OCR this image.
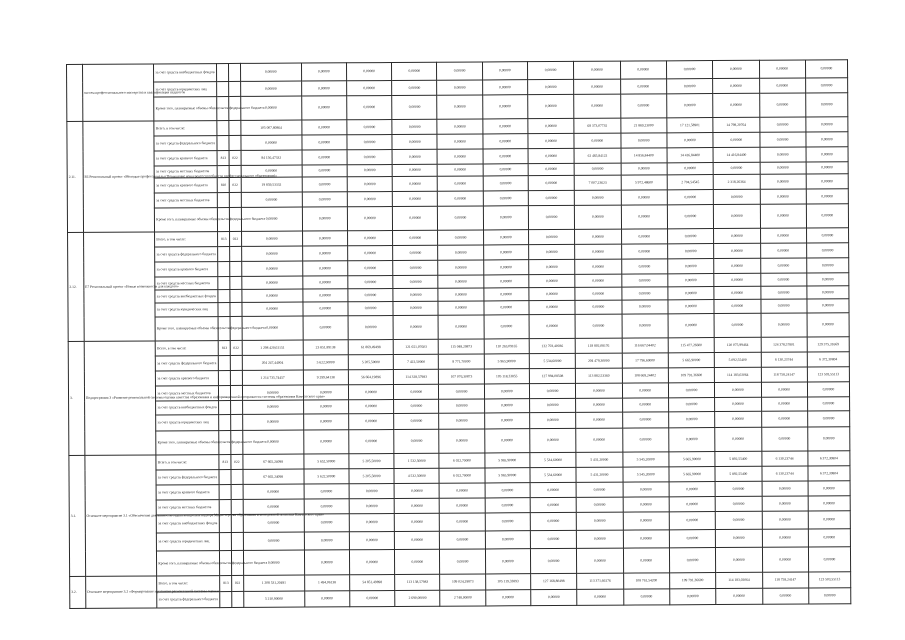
	систем профессионального мастерства и квалификации педагогов	за счет средств внебюджетных фондов			0,00000	0,00000	0,00000	0,00000	0,00000	0,00000	0,00000	0,00000	0,00000	0,00000	0,00000	0,00000	0,00000
		за счет средств юридических лиц			0,00000	0,00000	0,00000	0,00000	0,00000	0,00000	0,00000	0,00000	0,00000	0,00000	0,00000	0,00000	0,00000
		Кроме того, планируемые объемы обязательств федерального бюджета			0,00000	0,00000	0,00000	0,00000	0,00000	0,00000	0,00000	0,00000	0,00000	0,00000	0,00000	0,00000	0,00000
2.11.	Е6 Региональный проект «Молодые профессионалы (Повышение конкурентоспособности профессионального образования)»	Всего, в том числе:			105 007,80864	0,00000	0,00000	0,00000	0,00000	0,00000	0,00000	68 373,07735	21 869,23000	17 121,58901	14 798,20764	0,00000	0,00000
		за счет средств федерального бюджета			0,00000	0,00000	0,00000	0,00000	0,00000	0,00000	0,00000	0,00000	0,00000	0,00000	0,00000	0,00000	0,00000
		за счет средств краевого бюджета	813	022	84 156,47332	0,00000	0,00000	0,00000	0,00000	0,00000	0,00000	61 465,84122	14 856,84400	14 416,84400	14 416,84400	0,00000	0,00000
		за счет средств местных бюджетов			0,00000	0,00000	0,00000	0,00000	0,00000	0,00000	0,00000	0,00000	0,00000	0,00000	0,00000	0,00000	0,00000
		за счет средств краевого бюджета	810	022	19 859,53332	0,00000	0,00000	0,00000	0,00000	0,00000	0,00000	7 007,23623	5 972,48600	2 704,54545	2 318,26364	0,00000	0,00000
		за счет средств местных бюджетов			0,00000	0,00000	0,00000	0,00000	0,00000	0,00000	0,00000	0,00000	0,00000	0,00000	0,00000	0,00000	0,00000
		Кроме того, планируемые объемы обязательств федерального бюджета			0,00000	0,00000	0,00000	0,00000	0,00000	0,00000	0,00000	0,00000	0,00000	0,00000	0,00000	0,00000	0,00000
2.12.	Е7 Региональный проект «Новые возможности для каждого»	Всего, в том числе:	813	022	0,00000	0,00000	0,00000	0,00000	0,00000	0,00000	0,00000	0,00000	0,00000	0,00000	0,00000	0,00000	0,00000
		за счет средств федерального бюджета			0,00000	0,00000	0,00000	0,00000	0,00000	0,00000	0,00000	0,00000	0,00000	0,00000	0,00000	0,00000	0,00000
		за счет средств краевого бюджета			0,00000	0,00000	0,00000	0,00000	0,00000	0,00000	0,00000	0,00000	0,00000	0,00000	0,00000	0,00000	0,00000
		за счет средств местных бюджетов			0,00000	0,00000	0,00000	0,00000	0,00000	0,00000	0,00000	0,00000	0,00000	0,00000	0,00000	0,00000	0,00000
		за счет средств внебюджетных фондов			0,00000	0,00000	0,00000	0,00000	0,00000	0,00000	0,00000	0,00000	0,00000	0,00000	0,00000	0,00000	0,00000
		за счет средств юридических лиц			0,00000	0,00000	0,00000	0,00000	0,00000	0,00000	0,00000	0,00000	0,00000	0,00000	0,00000	0,00000	0,00000
		Кроме того, планируемые объемы обязательств федерального бюджета			0,00000	0,00000	0,00000	0,00000	0,00000	0,00000	0,00000	0,00000	0,00000	0,00000	0,00000	0,00000	0,00000
3.	Подпрограмма 3 «Развитие региональной системы оценки качества образования и информационной прозрачности системы образования Камчатского края»	Всего, в том числе:	813	022	1 298 420,02151	23 851,89138	61 869,49498	121 651,07603	115 048,29873	110 263,09165	132 703,40036	118 802,08176	116 667,04402	115 477,26600	120 075,99464	124 378,57801	129 375,31669
		за счет средств федерального бюджета			204 247,44004	5 622,50000	5 205,50000	7 422,50000	8 771,70000	5 965,90000	5 534,60000	204 479,30000	17 796,60000	5 665,90000	5 092,55400	6 130,23744	6 372,30804
		за счет средств краевого бюджета			1 214 735,74457	9 299,64138	56 664,19896	114 328,57983	107 076,30873	105 118,33855	127 994,08508	113 882,53360	108 669,24402	109 791,36600	114 183,02064	118 758,24147	123 503,55113
		за счет средств местных бюджетов			0,00000	0,00000	0,00000	0,00000	0,00000	0,00000	0,00000	0,00000	0,00000	0,00000	0,00000	0,00000	0,00000
		за счет средств внебюджетных фондов			0,00000	0,00000	0,00000	0,00000	0,00000	0,00000	0,00000	0,00000	0,00000	0,00000	0,00000	0,00000	0,00000
		за счет средств юридических лиц			0,00000	0,00000	0,00000	0,00000	0,00000	0,00000	0,00000	0,00000	0,00000	0,00000	0,00000	0,00000	0,00000
		Кроме того, планируемые объемы обязательств федерального бюджета			0,00000	0,00000	0,00000	0,00000	0,00000	0,00000	0,00000	0,00000	0,00000	0,00000	0,00000	0,00000	0,00000
3.1.	Основное мероприятие 3.1 «Обеспечение деятельности отдела контроля и надзора Министерства образования и молодежной политики Камчатского края»	Всего, в том числе:	813	022	67 665,24098	5 652,50000	5 205,50000	1 532,50000	6 022,70000	5 965,90000	5 534,60000	5 431,20000	5 545,20000	5 665,90000	5 892,55400	6 130,23744	6 372,30804
		за счет средств федерального бюджета			67 665,24098	5 622,50000	5 205,50000	4 532,50000	6 022,70000	5 965,90000	5 534,60000	5 431,20000	5 545,20000	5 665,90000	5 892,55400	6 130,23744	6 372,30804
		за счет средств краевого бюджета			0,00000	0,00000	0,00000	0,00000	0,00000	0,00000	0,00000	0,00000	0,00000	0,00000	0,00000	0,00000	0,00000
		за счет средств местных бюджетов			0,00000	0,00000	0,00000	0,00000	0,00000	0,00000	0,00000	0,00000	0,00000	0,00000	0,00000	0,00000	0,00000
		за счет средств внебюджетных фондов			0,00000	0,00000	0,00000	0,00000	0,00000	0,00000	0,00000	0,00000	0,00000	0,00000	0,00000	0,00000	0,00000
		за счет средств юридических лиц			0,00000	0,00000	0,00000	0,00000	0,00000	0,00000	0,00000	0,00000	0,00000	0,00000	0,00000	0,00000	0,00000
		Кроме того, планируемые объемы обязательств федерального бюджета			0,00000	0,00000	0,00000	0,00000	0,00000	0,00000	0,00000	0,00000	0,00000	0,00000	0,00000	0,00000	0,00000
3.2.	Основное мероприятие 3.2 «Формирование и развитие региональной системы оценки	Всего, в том числе:	813	022	1 208 531,20491	1 494,06138	54 851,49898	113 138,57983	109 024,29873	105 119,33893	127 168,80498	113 371,66176	108 761,54200	109 791,36600	114 183,02064	118 758,24147	123 503,55113
		за счет средств федерального бюджета			5 210,90000	0,00000	0,00000	2 690,00000	2 748,00000	0,00000	0,00000	0,00000	0,00000	0,00000	0,00000	0,00000	0,00000
